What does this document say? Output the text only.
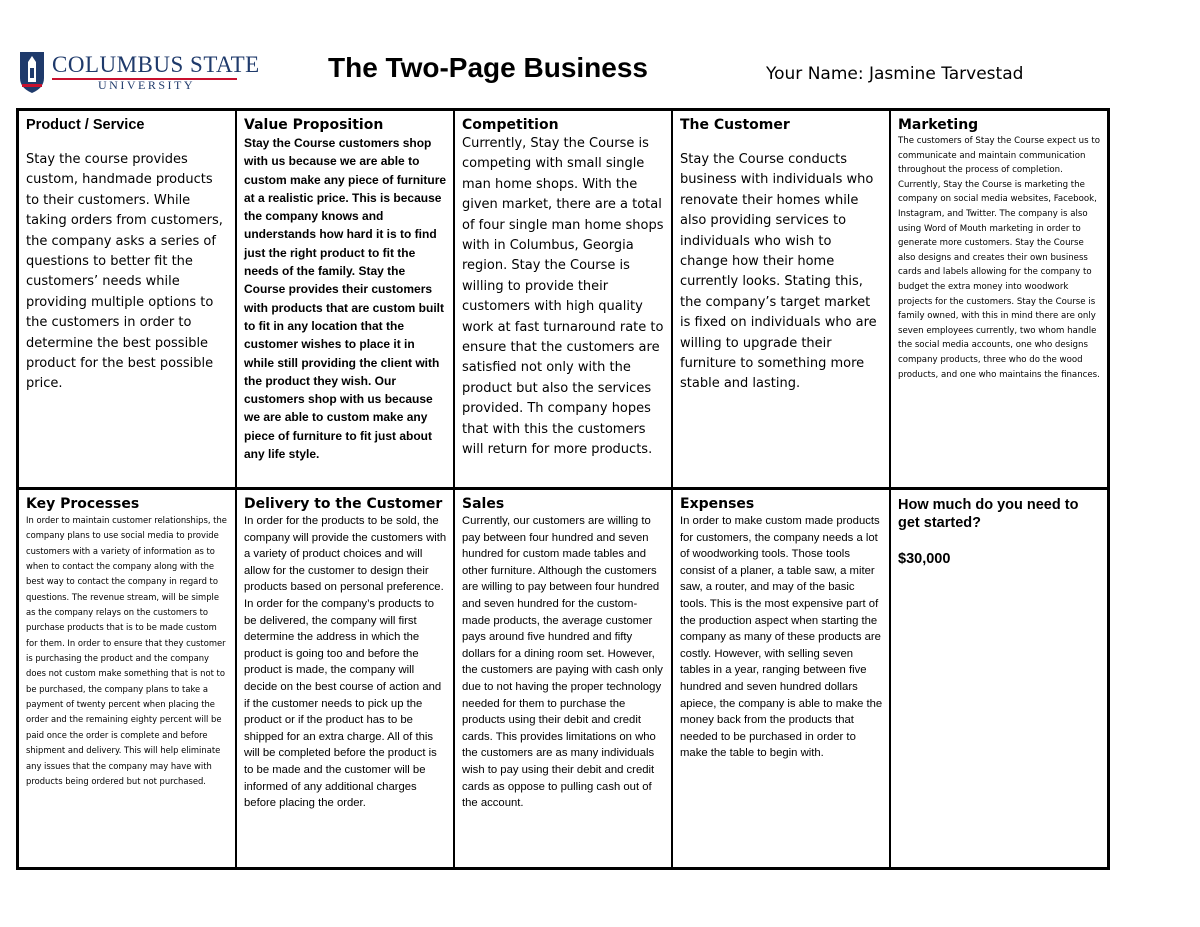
COLUMBUS STATE
UNIVERSITY
The Two-Page Business	Your Name: Jasmine Tarvestad
Product / Service
Stay the course provides custom, handmade products to their customers. While taking orders from customers, the company asks a series of questions to better fit the customers’ needs while providing multiple options to the customers in order to determine the best possible product for the best possible price.
Value Proposition
Stay the Course customers shop with us because we are able to custom make any piece of furniture at a realistic price. This is because the company knows and understands how hard it is to find just the right product to fit the needs of the family. Stay the Course provides their customers with products that are custom built to fit in any location that the customer wishes to place it in while still providing the client with the product they wish. Our customers shop with us because we are able to custom make any piece of furniture to fit just about any life style.
Competition
Currently, Stay the Course is competing with small single man home shops. With the given market, there are a total of four single man home shops with in Columbus, Georgia region. Stay the Course is willing to provide their customers with high quality work at fast turnaround rate to ensure that the customers are satisfied not only with the product but also the services provided. Th company hopes that with this the customers will return for more products.
The Customer
Stay the Course conducts business with individuals who renovate their homes while also providing services to individuals who wish to change how their home currently looks. Stating this, the company’s target market is fixed on individuals who are willing to upgrade their furniture to something more stable and lasting.
Marketing
The customers of Stay the Course expect us to communicate and maintain communication throughout the process of completion. Currently, Stay the Course is marketing the company on social media websites, Facebook, Instagram, and Twitter. The company is also using Word of Mouth marketing in order to generate more customers. Stay the Course also designs and creates their own business cards and labels allowing for the company to budget the extra money into woodwork projects for the customers. Stay the Course is family owned, with this in mind there are only seven employees currently, two whom handle the social media accounts, one who designs company products, three who do the wood products, and one who maintains the finances.
Key Processes
In order to maintain customer relationships, the company plans to use social media to provide customers with a variety of information as to when to contact the company along with the best way to contact the company in regard to questions. The revenue stream, will be simple as the company relays on the customers to purchase products that is to be made custom for them. In order to ensure that they customer is purchasing the product and the company does not custom make something that is not to be purchased, the company plans to take a payment of twenty percent when placing the order and the remaining eighty percent will be paid once the order is complete and before shipment and delivery. This will help eliminate any issues that the company may have with products being ordered but not purchased.
Delivery to the Customer
In order for the products to be sold, the company will provide the customers with a variety of product choices and will allow for the customer to design their products based on personal preference. In order for the company’s products to be delivered, the company will first determine the address in which the product is going too and before the product is made, the company will decide on the best course of action and if the customer needs to pick up the product or if the product has to be shipped for an extra charge. All of this will be completed before the product is to be made and the customer will be informed of any additional charges before placing the order.
Sales
Currently, our customers are willing to pay between four hundred and seven hundred for custom made tables and other furniture. Although the customers are willing to pay between four hundred and seven hundred for the custom-made products, the average customer pays around five hundred and fifty dollars for a dining room set. However, the customers are paying with cash only due to not having the proper technology needed for them to purchase the products using their debit and credit cards. This provides limitations on who the customers are as many individuals wish to pay using their debit and credit cards as oppose to pulling cash out of the account.
Expenses
In order to make custom made products for customers, the company needs a lot of woodworking tools. Those tools consist of a planer, a table saw, a miter saw, a router, and may of the basic tools. This is the most expensive part of the production aspect when starting the company as many of these products are costly. However, with selling seven tables in a year, ranging between five hundred and seven hundred dollars apiece, the company is able to make the money back from the products that needed to be purchased in order to make the table to begin with.
How much do you need to get started?
$30,000
